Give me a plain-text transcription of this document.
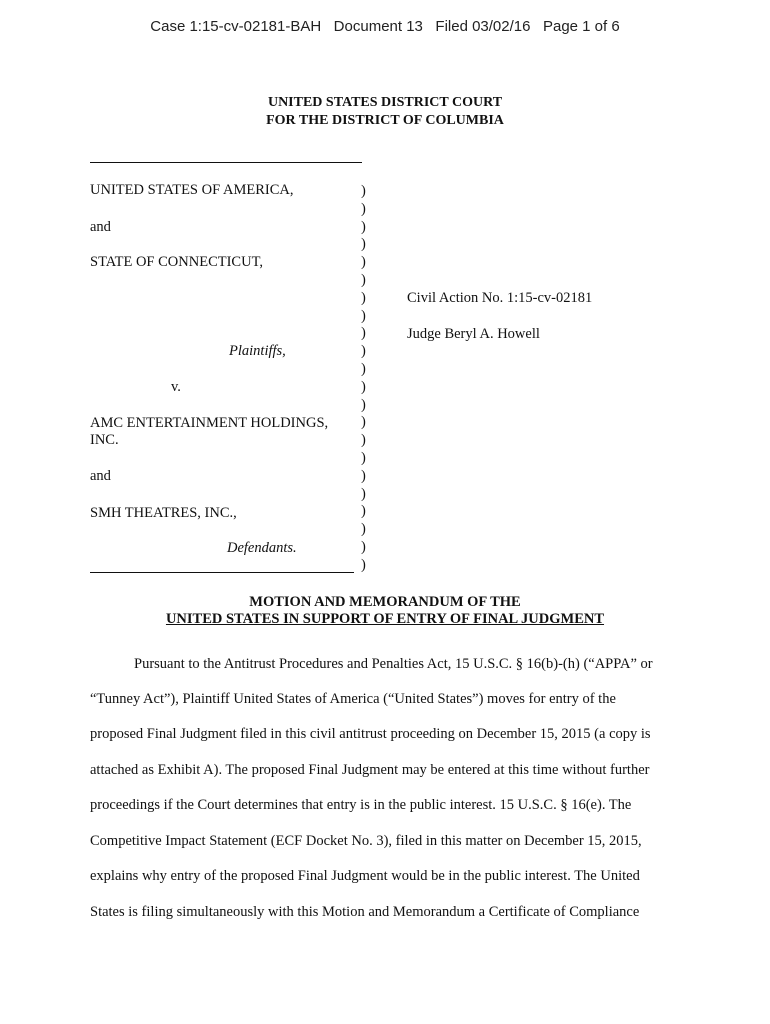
Case 1:15-cv-02181-BAH   Document 13   Filed 03/02/16   Page 1 of 6
UNITED STATES DISTRICT COURT
FOR THE DISTRICT OF COLUMBIA
UNITED STATES OF AMERICA,
and
STATE OF CONNECTICUT,
Plaintiffs,
v.
AMC ENTERTAINMENT HOLDINGS,
INC.
and
SMH THEATRES, INC.,
Defendants.
Civil Action No. 1:15-cv-02181
Judge Beryl A. Howell
)
)
)
)
)
)
)
)
)
)
)
)
)
)
)
)
)
)
)
)
)
)
MOTION AND MEMORANDUM OF THE
UNITED STATES IN SUPPORT OF ENTRY OF FINAL JUDGMENT
Pursuant to the Antitrust Procedures and Penalties Act, 15 U.S.C. § 16(b)-(h) (“APPA” or
“Tunney Act”), Plaintiff United States of America (“United States”) moves for entry of the
proposed Final Judgment filed in this civil antitrust proceeding on December 15, 2015 (a copy is
attached as Exhibit A). The proposed Final Judgment may be entered at this time without further
proceedings if the Court determines that entry is in the public interest. 15 U.S.C. § 16(e). The
Competitive Impact Statement (ECF Docket No. 3), filed in this matter on December 15, 2015,
explains why entry of the proposed Final Judgment would be in the public interest. The United
States is filing simultaneously with this Motion and Memorandum a Certificate of Compliance
